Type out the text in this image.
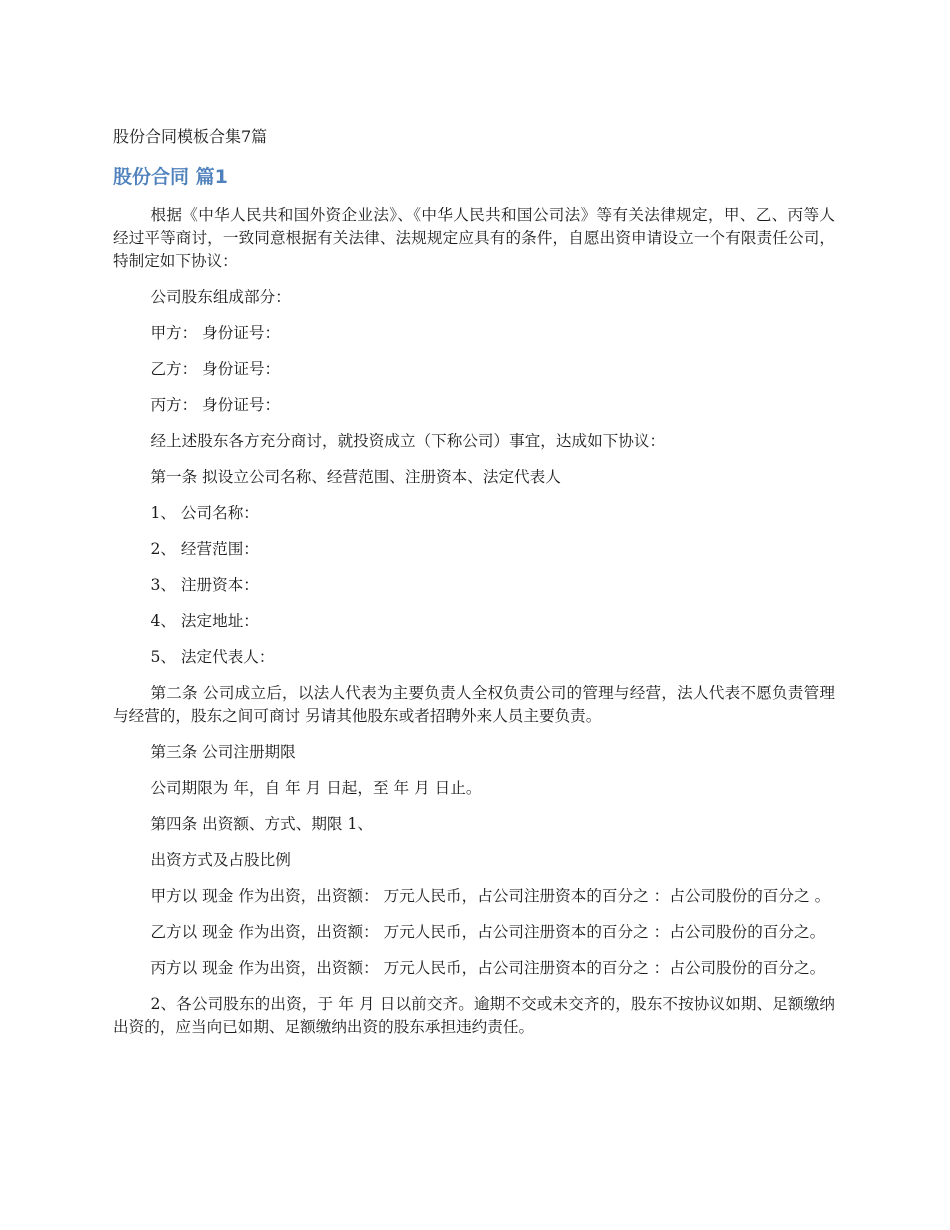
股份合同模板合集7篇
股份合同 篇1

根据《中华人民共和国外资企业法》、《中华人民共和国公司法》等有关法律规定，甲、乙、丙等人经过平等商讨，一致同意根据有关法律、法规规定应具有的条件，自愿出资申请设立一个有限责任公司，特制定如下协议：

公司股东组成部分：

甲方： 身份证号：

乙方： 身份证号：

丙方： 身份证号：

经上述股东各方充分商讨，就投资成立（下称公司）事宜，达成如下协议：

第一条 拟设立公司名称、经营范围、注册资本、法定代表人

1、 公司名称：

2、 经营范围：

3、 注册资本：

4、 法定地址：

5、 法定代表人：

第二条 公司成立后，以法人代表为主要负责人全权负责公司的管理与经营，法人代表不愿负责管理与经营的，股东之间可商讨 另请其他股东或者招聘外来人员主要负责。

第三条 公司注册期限

公司期限为 年，自 年 月 日起，至 年 月 日止。

第四条 出资额、方式、期限 1、

出资方式及占股比例

甲方以 现金 作为出资，出资额： 万元人民币，占公司注册资本的百分之 ：占公司股份的百分之 。

乙方以 现金 作为出资，出资额： 万元人民币，占公司注册资本的百分之 ：占公司股份的百分之。

丙方以 现金 作为出资，出资额： 万元人民币，占公司注册资本的百分之 ：占公司股份的百分之。

2、各公司股东的出资，于 年 月 日以前交齐。逾期不交或未交齐的，股东不按协议如期、足额缴纳出资的，应当向已如期、足额缴纳出资的股东承担违约责任。
